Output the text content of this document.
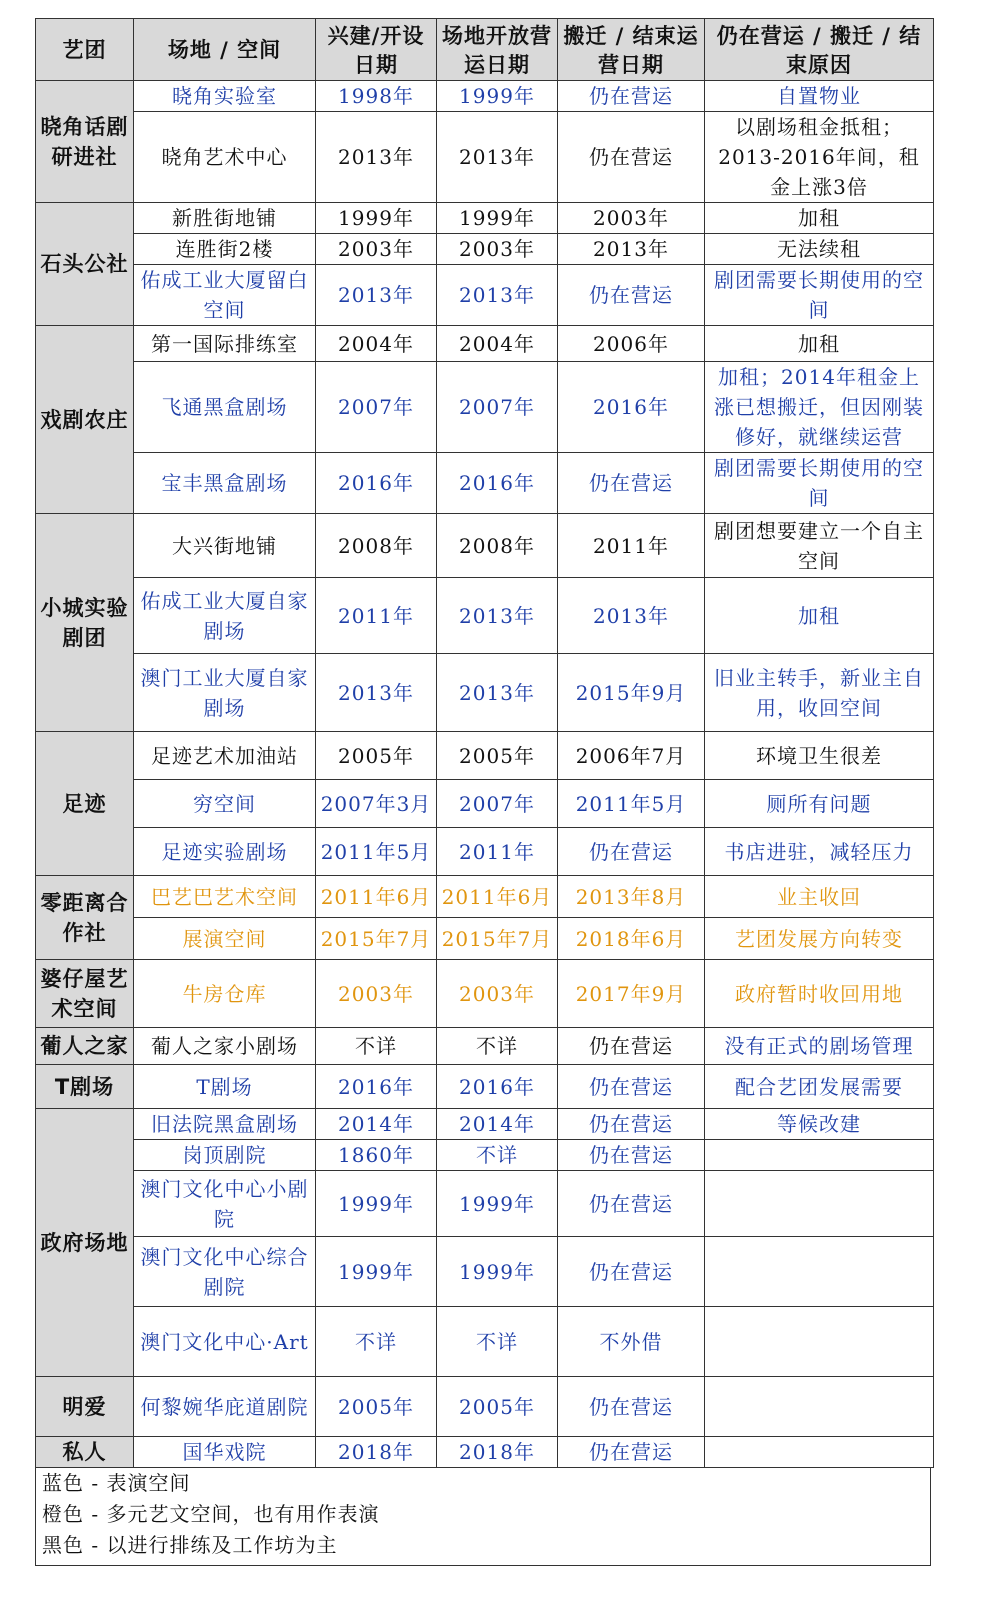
艺团	场地 / 空间	兴建/开设日期	场地开放营运日期	搬迁 / 结束运营日期	仍在营运 / 搬迁 / 结束原因
晓角话剧研进社	晓角实验室	1998年	1999年	仍在营运	自置物业
	晓角艺术中心	2013年	2013年	仍在营运	以剧场租金抵租；2013-2016年间，租金上涨3倍
石头公社	新胜街地铺	1999年	1999年	2003年	加租
	连胜街2楼	2003年	2003年	2013年	无法续租
	佑成工业大厦留白空间	2013年	2013年	仍在营运	剧团需要长期使用的空间
戏剧农庄	第一国际排练室	2004年	2004年	2006年	加租
	飞通黑盒剧场	2007年	2007年	2016年	加租；2014年租金上涨已想搬迁，但因刚装修好，就继续运营
	宝丰黑盒剧场	2016年	2016年	仍在营运	剧团需要长期使用的空间
小城实验剧团	大兴街地铺	2008年	2008年	2011年	剧团想要建立一个自主空间
	佑成工业大厦自家剧场	2011年	2013年	2013年	加租
	澳门工业大厦自家剧场	2013年	2013年	2015年9月	旧业主转手，新业主自用，收回空间
足迹	足迹艺术加油站	2005年	2005年	2006年7月	环境卫生很差
	穷空间	2007年3月	2007年	2011年5月	厕所有问题
	足迹实验剧场	2011年5月	2011年	仍在营运	书店进驻，减轻压力
零距离合作社	巴艺巴艺术空间	2011年6月	2011年6月	2013年8月	业主收回
	展演空间	2015年7月	2015年7月	2018年6月	艺团发展方向转变
婆仔屋艺术空间	牛房仓库	2003年	2003年	2017年9月	政府暂时收回用地
葡人之家	葡人之家小剧场	不详	不详	仍在营运	没有正式的剧场管理
T剧场	T剧场	2016年	2016年	仍在营运	配合艺团发展需要
政府场地	旧法院黑盒剧场	2014年	2014年	仍在营运	等候改建
	岗顶剧院	1860年	不详	仍在营运	
	澳门文化中心小剧院	1999年	1999年	仍在营运	
	澳门文化中心综合剧院	1999年	1999年	仍在营运	
	澳门文化中心·Art	不详	不详	不外借	
明爱	何黎婉华庇道剧院	2005年	2005年	仍在营运	
私人	国华戏院	2018年	2018年	仍在营运	
蓝色 - 表演空间
橙色 - 多元艺文空间，也有用作表演
黑色 - 以进行排练及工作坊为主
